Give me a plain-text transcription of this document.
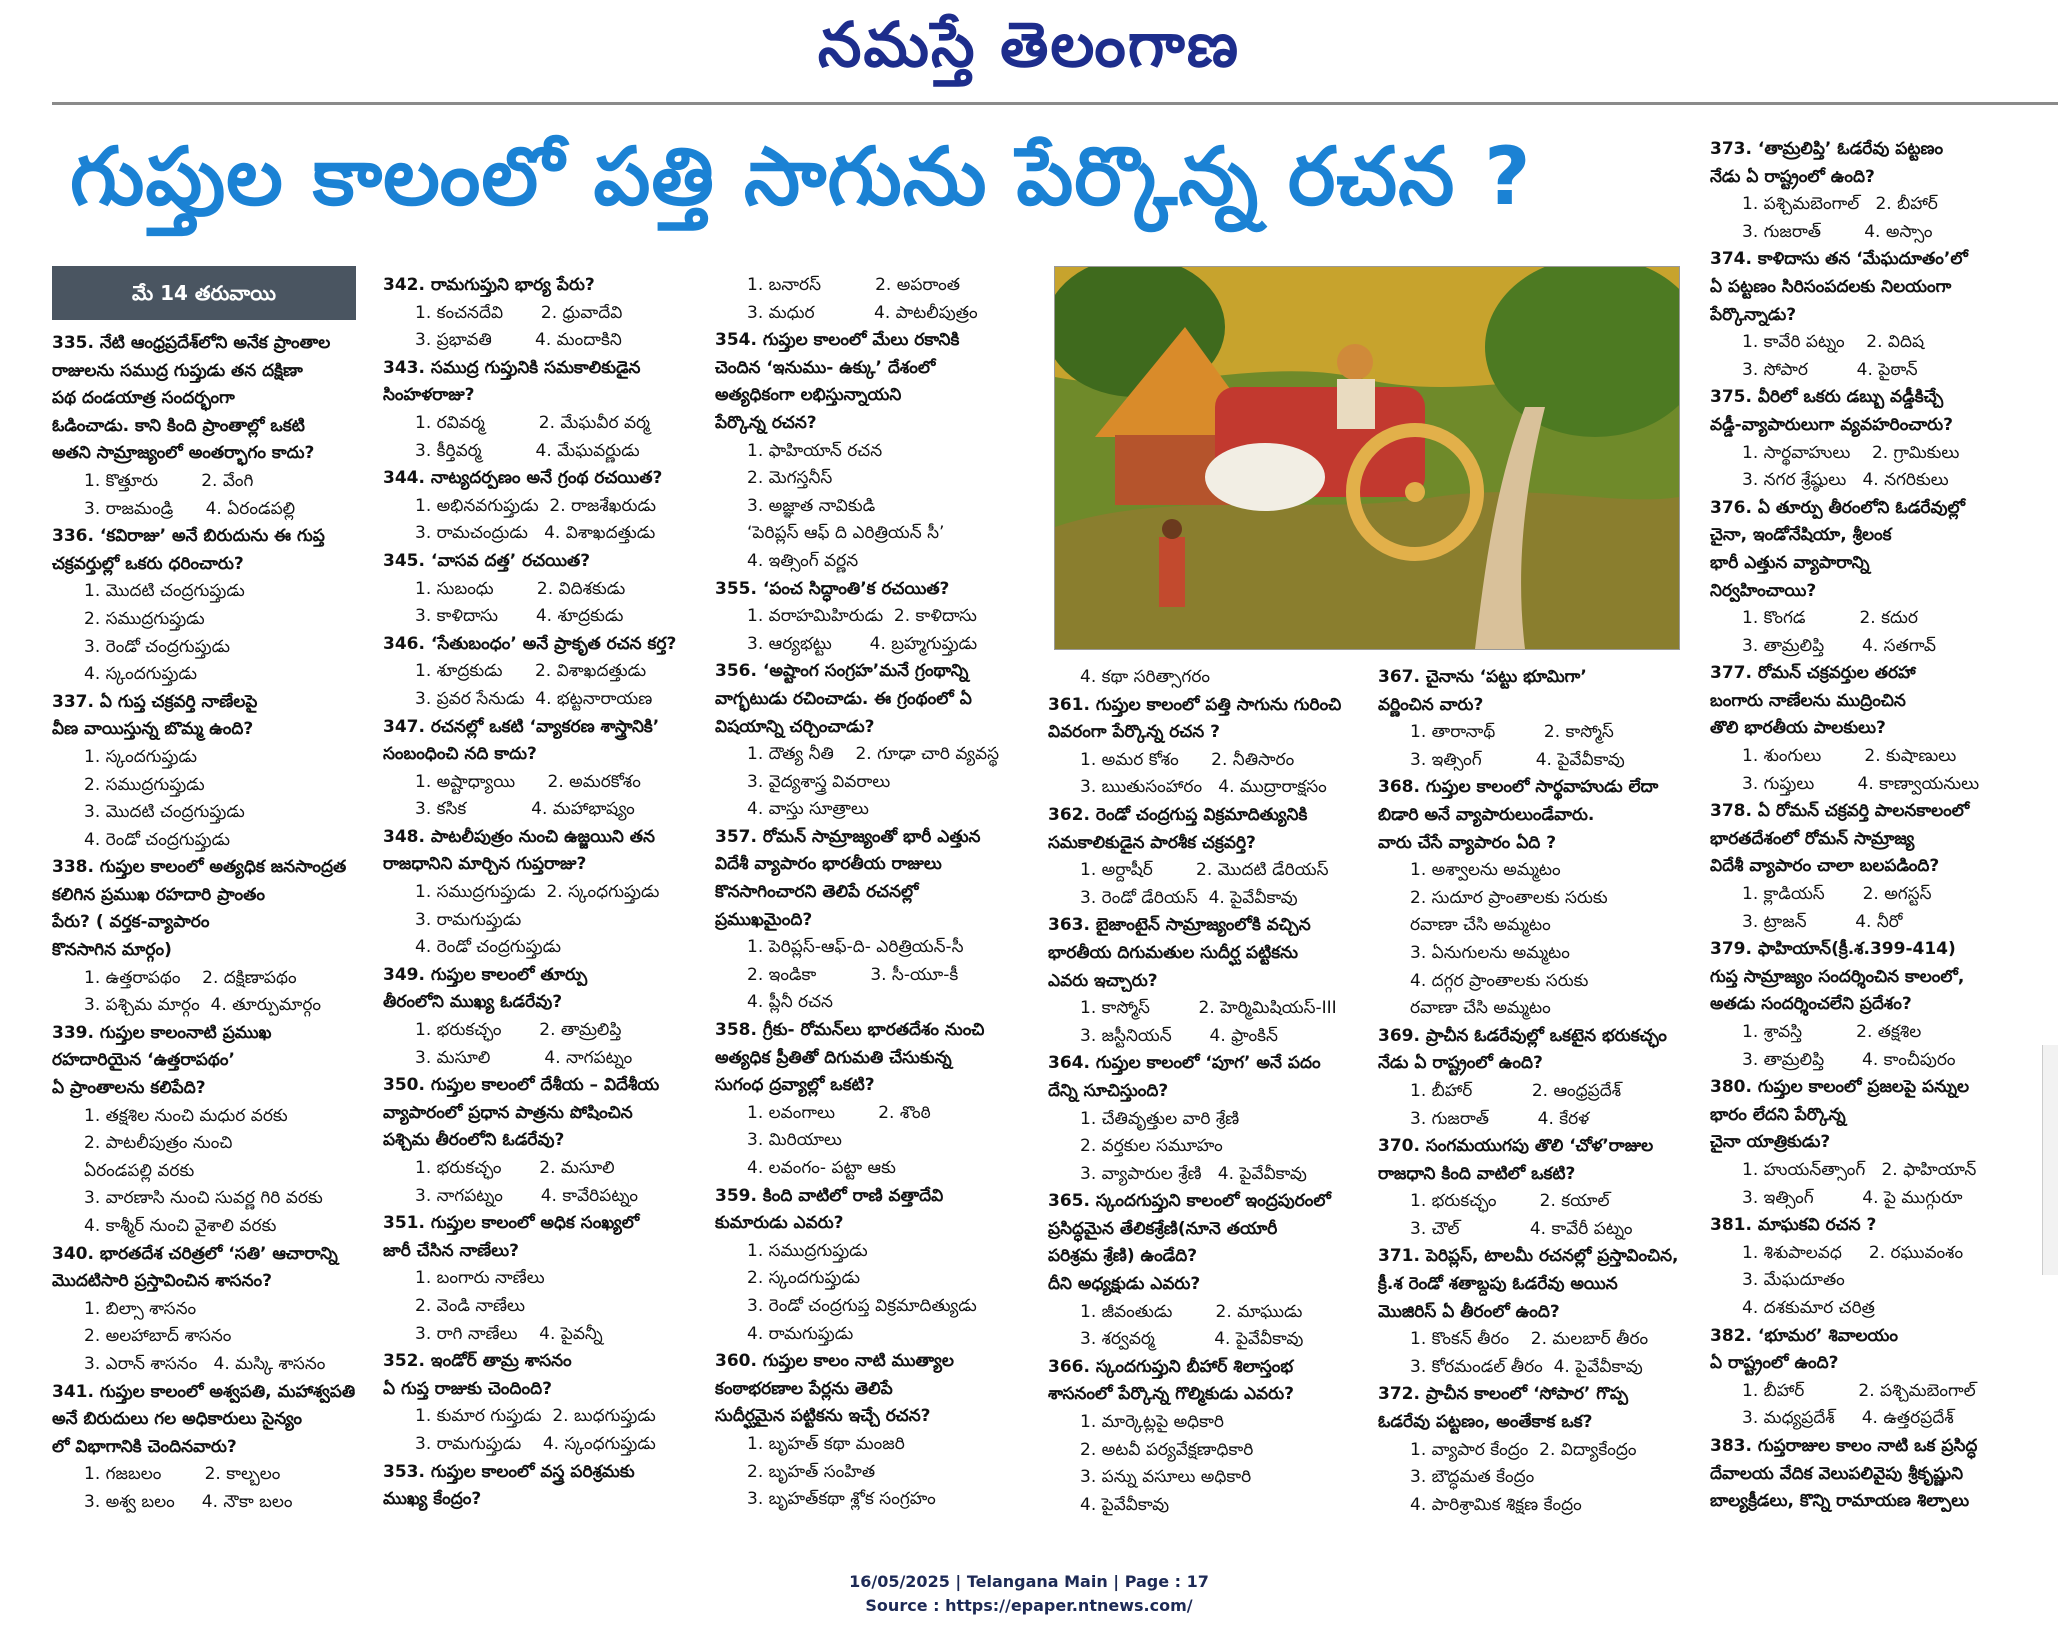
నమస్తే తెలంగాణ
గుప్తుల కాలంలో పత్తి సాగును పేర్కొన్న రచన ?
మే 14 తరువాయి
335. నేటి ఆంధ్రప్రదేశ్‌లోని అనేక ప్రాంతాల
రాజులను సముద్ర గుప్తుడు తన దక్షిణా
పథ దండయాత్ర సందర్భంగా
ఓడించాడు. కాని కింది ప్రాంతాల్లో ఒకటి
అతని సామ్రాజ్యంలో అంతర్భాగం కాదు?
1. కొత్తూరు        2. వేంగి
3. రాజమండ్రి      4. ఏరండపల్లి
336. ‘కవిరాజు’ అనే బిరుదును ఈ గుప్త
చక్రవర్తుల్లో ఒకరు ధరించారు?
1. మొదటి చంద్రగుప్తుడు
2. సముద్రగుప్తుడు
3. రెండో చంద్రగుప్తుడు
4. స్కందగుప్తుడు
337. ఏ గుప్త చక్రవర్తి నాణేలపై
వీణ వాయిస్తున్న బొమ్మ ఉంది?
1. స్కందగుప్తుడు
2. సముద్రగుప్తుడు
3. మొదటి చంద్రగుప్తుడు
4. రెండో చంద్రగుప్తుడు
338. గుప్తుల కాలంలో అత్యధిక జనసాంద్రత
కలిగిన ప్రముఖ రహదారి ప్రాంతం
పేరు? ( వర్తక-వ్యాపారం
కొనసాగిన మార్గం)
1. ఉత్తరాపథం    2. దక్షిణాపథం
3. పశ్చిమ మార్గం  4. తూర్పుమార్గం
339. గుప్తుల కాలంనాటి ప్రముఖ
రహదారియైన ‘ఉత్తరాపథం’
ఏ ప్రాంతాలను కలిపేది?
1. తక్షశిల నుంచి మధుర వరకు
2. పాటలీపుత్రం నుంచి
ఏరండపల్లి వరకు
3. వారణాసి నుంచి సువర్ణ గిరి వరకు
4. కాశ్మీర్ నుంచి వైశాలి వరకు
340. భారతదేశ చరిత్రలో ‘సతి’ ఆచారాన్ని
మొదటిసారి ప్రస్తావించిన శాసనం?
1. బిల్సా శాసనం
2. అలహాబాద్ శాసనం
3. ఎరాన్ శాసనం   4. మస్కి శాసనం
341. గుప్తుల కాలంలో అశ్వపతి, మహాశ్వపతి
అనే బిరుదులు గల అధికారులు సైన్యం
లో విభాగానికి చెందినవారు?
1. గజబలం        2. కాల్బలం
3. అశ్వ బలం     4. నౌకా బలం
342. రామగుప్తుని భార్య పేరు?
1. కంచనదేవి       2. ధ్రువాదేవి
3. ప్రభావతి        4. మందాకిని
343. సముద్ర గుప్తునికి సమకాలికుడైన
సింహళరాజు?
1. రవివర్మ          2. మేఘవీర వర్మ
3. కీర్తివర్మ          4. మేఘవర్ణుడు
344. నాట్యదర్పణం అనే గ్రంథ రచయిత?
1. అభినవగుప్తుడు  2. రాజశేఖరుడు
3. రామచంద్రుడు   4. విశాఖదత్తుడు
345. ‘వాసవ దత్త’ రచయిత?
1. సుబంధు        2. విదిశకుడు
3. కాళిదాసు       4. శూద్రకుడు
346. ‘సేతుబంధం’ అనే ప్రాకృత రచన కర్త?
1. శూద్రకుడు      2. విశాఖదత్తుడు
3. ప్రవర సేనుడు  4. భట్టనారాయణ
347. రచనల్లో ఒకటి ‘వ్యాకరణ శాస్త్రానికి’
సంబంధించి నది కాదు?
1. అష్టాధ్యాయి      2. అమరకోశం
3. కసిక            4. మహాభాష్యం
348. పాటలీపుత్రం నుంచి ఉజ్జయిని తన
రాజధానిని మార్చిన గుప్తరాజు?
1. సముద్రగుప్తుడు  2. స్కంధగుప్తుడు
3. రామగుప్తుడు
4. రెండో చంద్రగుప్తుడు
349. గుప్తుల కాలంలో తూర్పు
తీరంలోని ముఖ్య ఓడరేవు?
1. భరుకచ్ఛం       2. తామ్రలిప్తి
3. మసూలి          4. నాగపట్నం
350. గుప్తుల కాలంలో దేశీయ – విదేశీయ
వ్యాపారంలో ప్రధాన పాత్రను పోషించిన
పశ్చిమ తీరంలోని ఓడరేవు?
1. భరుకచ్ఛం       2. మసూలి
3. నాగపట్నం       4. కావేరిపట్నం
351. గుప్తుల కాలంలో అధిక సంఖ్యలో
జారీ చేసిన నాణేలు?
1. బంగారు నాణేలు
2. వెండి నాణేలు
3. రాగి నాణేలు    4. పైవన్నీ
352. ఇండోర్ తామ్ర శాసనం
ఏ గుప్త రాజుకు చెందింది?
1. కుమార గుప్తుడు  2. బుధగుప్తుడు
3. రామగుప్తుడు    4. స్కంధగుప్తుడు
353. గుప్తుల కాలంలో వస్త్ర పరిశ్రమకు
ముఖ్య కేంద్రం?
1. బనారస్          2. అపరాంత
3. మధుర           4. పాటలీపుత్రం
354. గుప్తుల కాలంలో మేలు రకానికి
చెందిన ‘ఇనుము- ఉక్కు’ దేశంలో
అత్యధికంగా లభిస్తున్నాయని
పేర్కొన్న రచన?
1. ఫాహియాన్ రచన
2. మెగస్తనీస్
3. అజ్ఞాత నావికుడి
‘పెరిప్లస్ ఆఫ్ ది ఎరిత్రియన్ సీ’
4. ఇత్సింగ్ వర్ణన
355. ‘పంచ సిద్ధాంతి’క రచయిత?
1. వరాహమిహిరుడు  2. కాళిదాసు
3. ఆర్యభట్టు       4. బ్రహ్మగుప్తుడు
356. ‘అష్టాంగ సంగ్రహ’మనే గ్రంథాన్ని
వాగ్భటుడు రచించాడు. ఈ గ్రంథంలో ఏ
విషయాన్ని చర్చించాడు?
1. దౌత్య నీతి    2. గూఢా చారి వ్యవస్థ
3. వైద్యశాస్త్ర వివరాలు
4. వాస్తు సూత్రాలు
357. రోమన్ సామ్రాజ్యంతో భారీ ఎత్తున
విదేశీ వ్యాపారం భారతీయ రాజులు
కొనసాగించారని తెలిపే రచనల్లో
ప్రముఖమైంది?
1. పెరిప్లస్-ఆఫ్-ది- ఎరిత్రియన్-సీ
2. ఇండికా          3. సీ-యూ-కీ
4. ప్లీనీ రచన
358. గ్రీకు- రోమన్‌లు భారతదేశం నుంచి
అత్యధిక ప్రీతితో దిగుమతి చేసుకున్న
సుగంధ ద్రవ్యాల్లో ఒకటి?
1. లవంగాలు        2. శొంఠి
3. మిరియాలు
4. లవంగం- పట్టా ఆకు
359. కింది వాటిలో రాణి వత్తాదేవి
కుమారుడు ఎవరు?
1. సముద్రగుప్తుడు
2. స్కందగుప్తుడు
3. రెండో చంద్రగుప్త విక్రమాదిత్యుడు
4. రామగుప్తుడు
360. గుప్తుల కాలం నాటి ముత్యాల
కంఠాభరణాల పేర్లను తెలిపే
సుదీర్ఘమైన పట్టికను ఇచ్చే రచన?
1. బృహత్ కథా మంజరి
2. బృహత్ సంహిత
3. బృహత్‌కథా శ్లోక సంగ్రహం
4. కథా సరిత్సాగరం
361. గుప్తుల కాలంలో పత్తి సాగును గురించి
వివరంగా పేర్కొన్న రచన ?
1. అమర కోశం      2. నీతిసారం
3. ఋతుసంహారం   4. ముద్రారాక్షసం
362. రెండో చంద్రగుప్త విక్రమాదిత్యునికి
సమకాలికుడైన పారశీక చక్రవర్తి?
1. అర్దాషీర్        2. మొదటి డేరియస్
3. రెండో డేరియస్  4. పైవేవీకావు
363. బైజాంటైన్ సామ్రాజ్యంలోకి వచ్చిన
భారతీయ దిగుమతుల సుదీర్ఘ పట్టికను
ఎవరు ఇచ్చారు?
1. కాస్మోస్         2. హెర్మిమిషియస్-III
3. జస్టీనియన్       4. ఫ్రాంకిన్
364. గుప్తుల కాలంలో ‘పూగ’ అనే పదం
దేన్ని సూచిస్తుంది?
1. చేతివృత్తుల వారి శ్రేణి
2. వర్తకుల సమూహం
3. వ్యాపారుల శ్రేణి   4. పైవేవీకావు
365. స్కందగుప్తుని కాలంలో ఇంద్రపురంలో
ప్రసిద్ధమైన తేలికశ్రేణి(నూనె తయారీ
పరిశ్రమ శ్రేణి) ఉండేది?
దీని అధ్యక్షుడు ఎవరు?
1. జీవంతుడు        2. మాఘుడు
3. శర్వవర్మ           4. పైవేవీకావు
366. స్కందగుప్తుని బీహార్ శిలాస్తంభ
శాసనంలో పేర్కొన్న గొల్మికుడు ఎవరు?
1. మార్కెట్లపై అధికారి
2. అటవీ పర్యవేక్షణాధికారి
3. పన్ను వసూలు అధికారి
4. పైవేవీకావు
367. చైనాను ‘పట్టు భూమిగా’
వర్ణించిన వారు?
1. తారానాథ్         2. కాస్మోస్
3. ఇత్సింగ్          4. పైవేవీకావు
368. గుప్తుల కాలంలో సార్థవాహుడు లేదా
బిడారి అనే వ్యాపారులుండేవారు.
వారు చేసే వ్యాపారం ఏది ?
1. అశ్వాలను అమ్మటం
2. సుదూర ప్రాంతాలకు సరుకు
రవాణా చేసి అమ్మటం
3. ఏనుగులను అమ్మటం
4. దగ్గర ప్రాంతాలకు సరుకు
రవాణా చేసి అమ్మటం
369. ప్రాచీన ఓడరేవుల్లో ఒకటైన భరుకచ్ఛం
నేడు ఏ రాష్ట్రంలో ఉంది?
1. బీహార్           2. ఆంధ్రప్రదేశ్
3. గుజరాత్         4. కేరళ
370. సంగమయుగపు తొలి ‘చోళ’రాజుల
రాజధాని కింది వాటిలో ఒకటి?
1. భరుకచ్ఛం        2. కయాల్
3. చౌల్             4. కావేరీ పట్నం
371. పెరిప్లస్, టాలమీ రచనల్లో ప్రస్తావించిన,
క్రీ.శ రెండో శతాబ్దపు ఓడరేవు అయిన
మొజిరిస్ ఏ తీరంలో ఉంది?
1. కొంకన్ తీరం    2. మలబార్ తీరం
3. కోరమండల్ తీరం  4. పైవేవీకావు
372. ప్రాచీన కాలంలో ‘సోపార’ గొప్ప
ఓడరేవు పట్టణం, అంతేకాక ఒక?
1. వ్యాపార కేంద్రం  2. విద్యాకేంద్రం
3. బౌద్ధమత కేంద్రం
4. పారిశ్రామిక శిక్షణ కేంద్రం
373. ‘తామ్రలిప్తి’ ఓడరేవు పట్టణం
నేడు ఏ రాష్ట్రంలో ఉంది?
1. పశ్చిమబెంగాల్   2. బీహార్
3. గుజరాత్        4. అస్సాం
374. కాళిదాసు తన ‘మేఘదూతం’లో
ఏ పట్టణం సిరిసంపదలకు నిలయంగా
పేర్కొన్నాడు?
1. కావేరి పట్నం    2. విదిష
3. సోపార         4. పైఠాన్
375. వీరిలో ఒకరు డబ్బు వడ్డీకిచ్చే
వడ్డీ-వ్యాపారులుగా వ్యవహరించారు?
1. సార్థవాహులు    2. గ్రామికులు
3. నగర శ్రేష్ఠులు   4. నగరికులు
376. ఏ తూర్పు తీరంలోని ఓడరేవుల్లో
చైనా, ఇండోనేషియా, శ్రీలంక
భారీ ఎత్తున వ్యాపారాన్ని
నిర్వహించాయి?
1. కొంగడ          2. కదుర
3. తామ్రలిప్తి       4. సతగావ్
377. రోమన్ చక్రవర్తుల తరహా
బంగారు నాణేలను ముద్రించిన
తొలి భారతీయ పాలకులు?
1. శుంగులు        2. కుషాణులు
3. గుప్తులు        4. కాణ్వాయనులు
378. ఏ రోమన్ చక్రవర్తి పాలనకాలంలో
భారతదేశంలో రోమన్ సామ్రాజ్య
విదేశీ వ్యాపారం చాలా బలపడింది?
1. క్లాడియస్       2. అగస్టస్
3. ట్రాజన్         4. నీరో
379. ఫాహియాన్(క్రీ.శ.399-414)
గుప్త సామ్రాజ్యం సందర్శించిన కాలంలో,
అతడు సందర్శించలేని ప్రదేశం?
1. శ్రావస్తి          2. తక్షశిల
3. తామ్రలిప్తి       4. కాంచీపురం
380. గుప్తుల కాలంలో ప్రజలపై పన్నుల
భారం లేదని పేర్కొన్న
చైనా యాత్రికుడు?
1. హుయన్‌త్సాంగ్   2. ఫాహియాన్
3. ఇత్సింగ్         4. పై ముగ్గురూ
381. మాఘకవి రచన ?
1. శిశుపాలవధ     2. రఘువంశం
3. మేఘదూతం
4. దశకుమార చరిత్ర
382. ‘భూమర’ శివాలయం
ఏ రాష్ట్రంలో ఉంది?
1. బీహార్          2. పశ్చిమబెంగాల్
3. మధ్యప్రదేశ్     4. ఉత్తరప్రదేశ్
383. గుప్తరాజుల కాలం నాటి ఒక ప్రసిద్ధ
దేవాలయ వేదిక వెలుపలివైపు శ్రీకృష్ణుని
బాల్యక్రీడలు, కొన్ని రామాయణ శిల్పాలు
16/05/2025 | Telangana Main | Page : 17
Source : https://epaper.ntnews.com/
